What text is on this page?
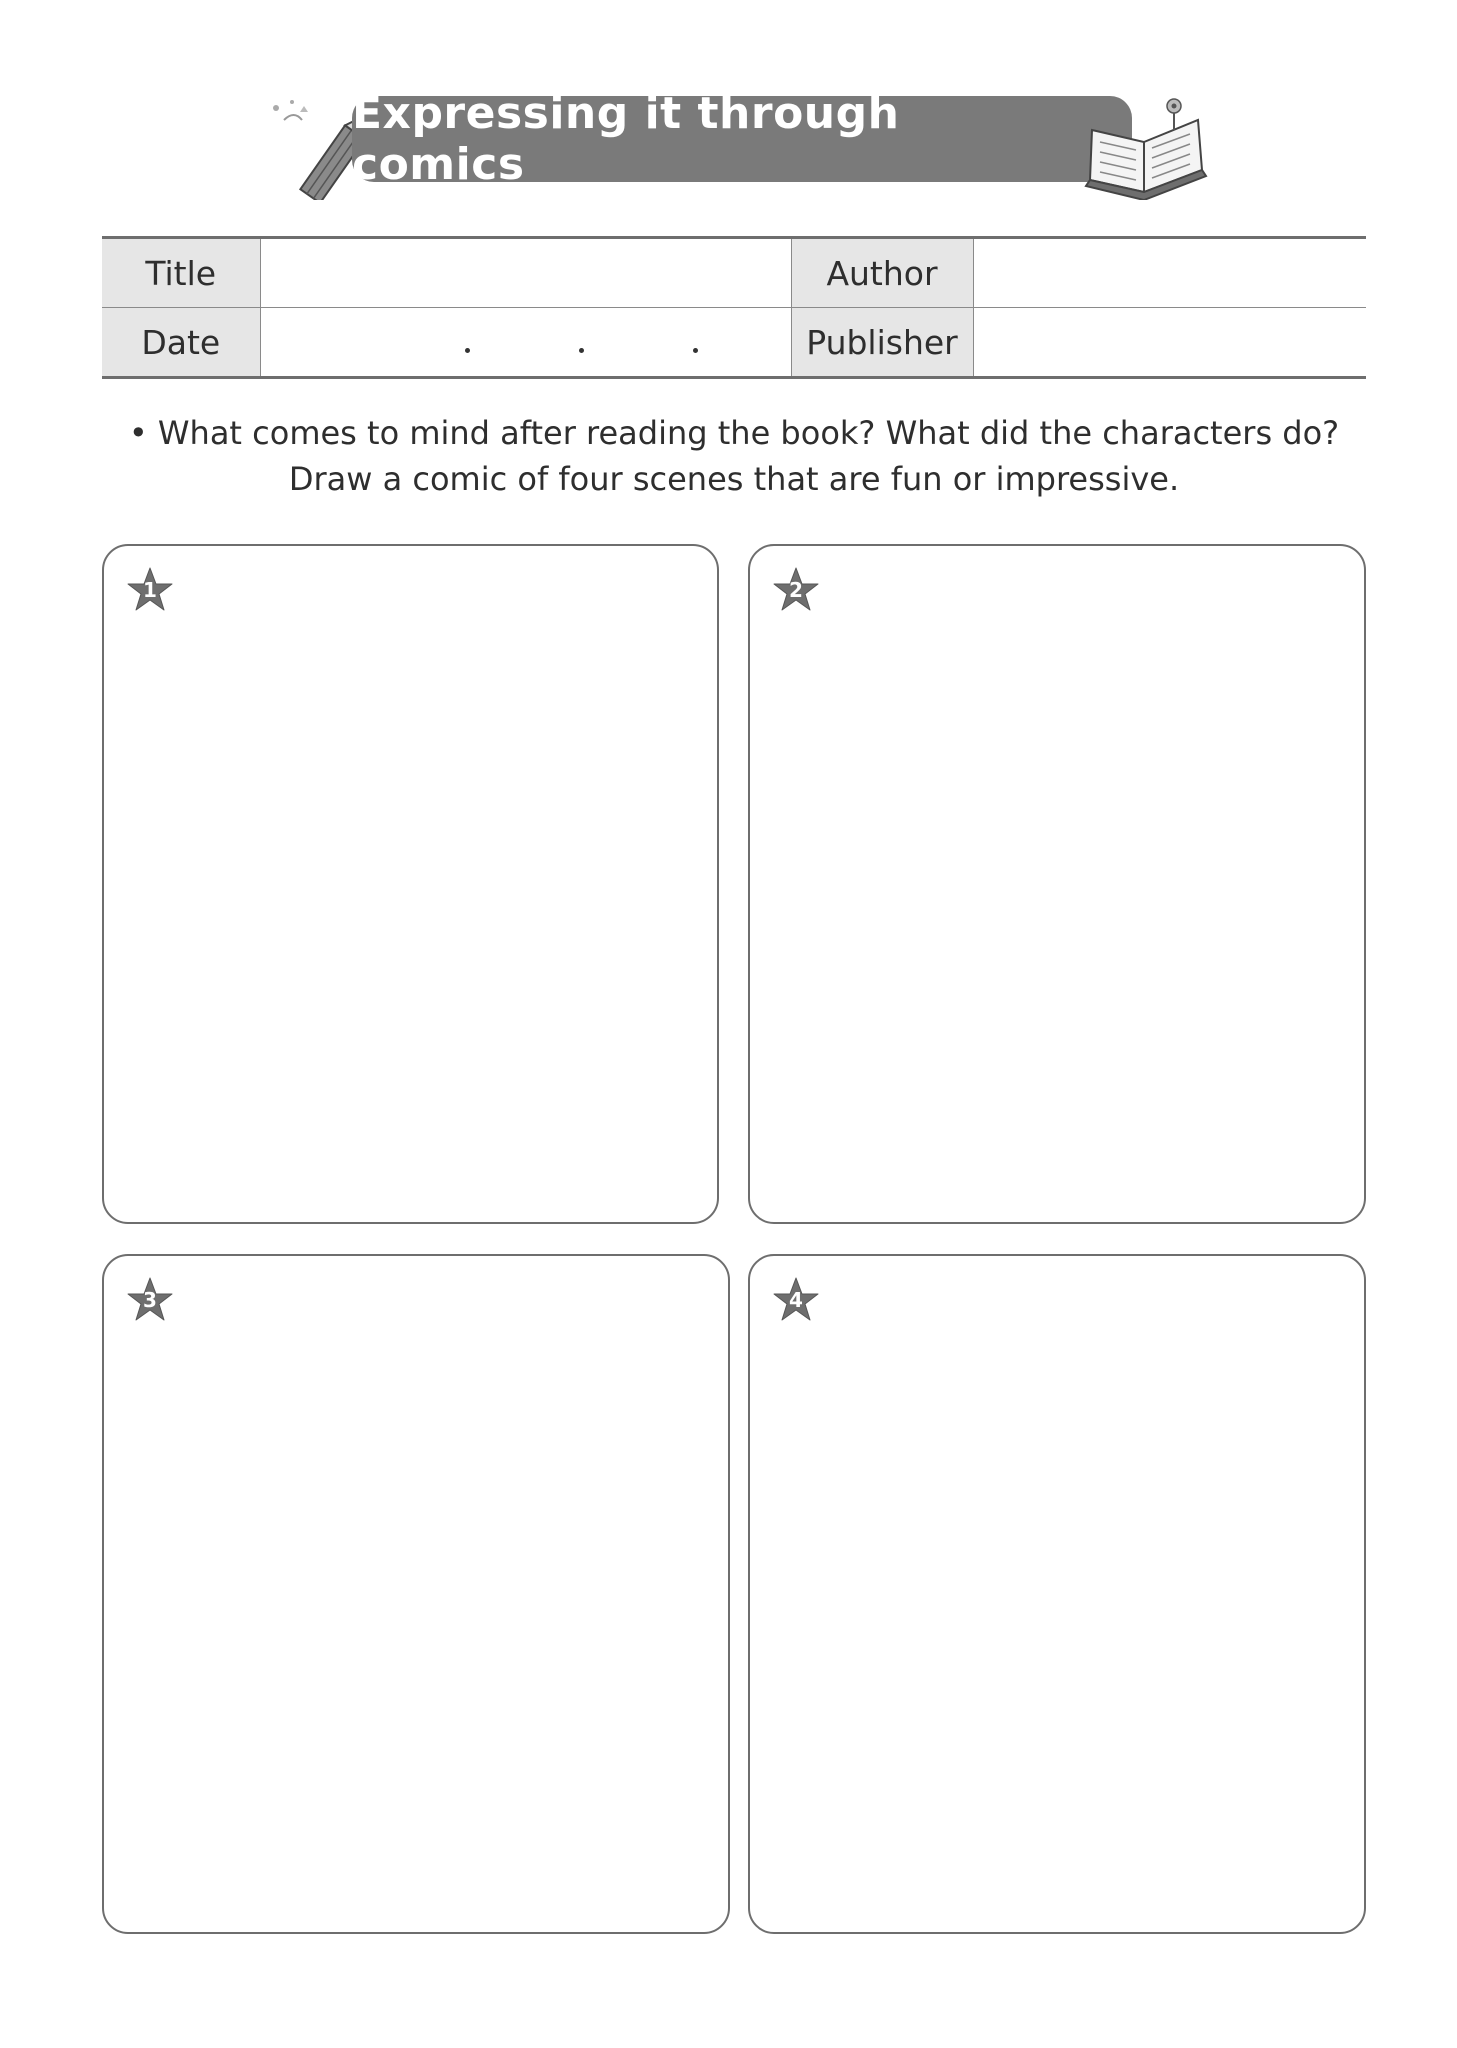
Expressing it through comics
Title		Author	
Date		Publisher	
• What comes to mind after reading the book? What did the characters do?
Draw a comic of four scenes that are fun or impressive.
1	2
3	4
